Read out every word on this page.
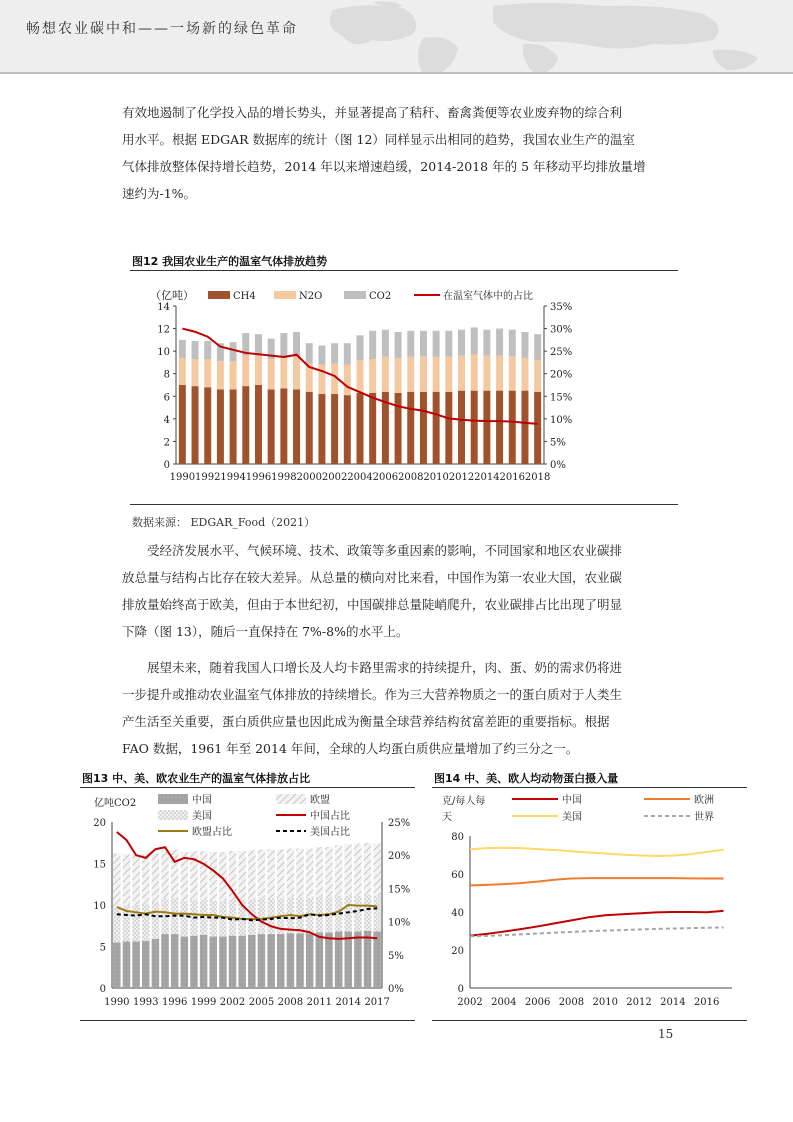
畅想农业碳中和——一场新的绿色革命
有效地遏制了化学投入品的增长势头，并显著提高了秸秆、畜禽粪便等农业废弃物的综合利
用水平。根据 EDGAR 数据库的统计（图 12）同样显示出相同的趋势，我国农业生产的温室
气体排放整体保持增长趋势，2014 年以来增速趋缓，2014-2018 年的 5 年移动平均排放量增
速约为-1%。
图12 我国农业生产的温室气体排放趋势
（亿吨）	CH4	N2O	CO2	在温室气体中的占比
0
2
4
6
8
10
12
14
0%
5%
10%
15%
20%
25%
30%
35%
1990 1992 1994 1996 1998 2000 2002 2004 2006 2008 2010 2012 2014 2016 2018
数据来源： EDGAR_Food（2021）
受经济发展水平、气候环境、技术、政策等多重因素的影响，不同国家和地区农业碳排
放总量与结构占比存在较大差异。从总量的横向对比来看，中国作为第一农业大国，农业碳
排放量始终高于欧美，但由于本世纪初，中国碳排总量陡峭爬升，农业碳排占比出现了明显
下降（图 13），随后一直保持在 7%-8%的水平上。
展望未来，随着我国人口增长及人均卡路里需求的持续提升，肉、蛋、奶的需求仍将进
一步提升或推动农业温室气体排放的持续增长。作为三大营养物质之一的蛋白质对于人类生
产生活至关重要，蛋白质供应量也因此成为衡量全球营养结构贫富差距的重要指标。根据
FAO 数据，1961 年至 2014 年间，全球的人均蛋白质供应量增加了约三分之一。
图13 中、美、欧农业生产的温室气体排放占比
亿吨CO2	中国	欧盟
美国	中国占比
欧盟占比	美国占比
0
5
10
15
20
0%
5%
10%
15%
20%
25%
1990 1993 1996 1999 2002 2005 2008 2011 2014 2017
图14 中、美、欧人均动物蛋白摄入量
克/每人每
天
中国	欧洲
美国	世界
0
20
40
60
80
2002 2004 2006 2008 2010 2012 2014 2016
15
